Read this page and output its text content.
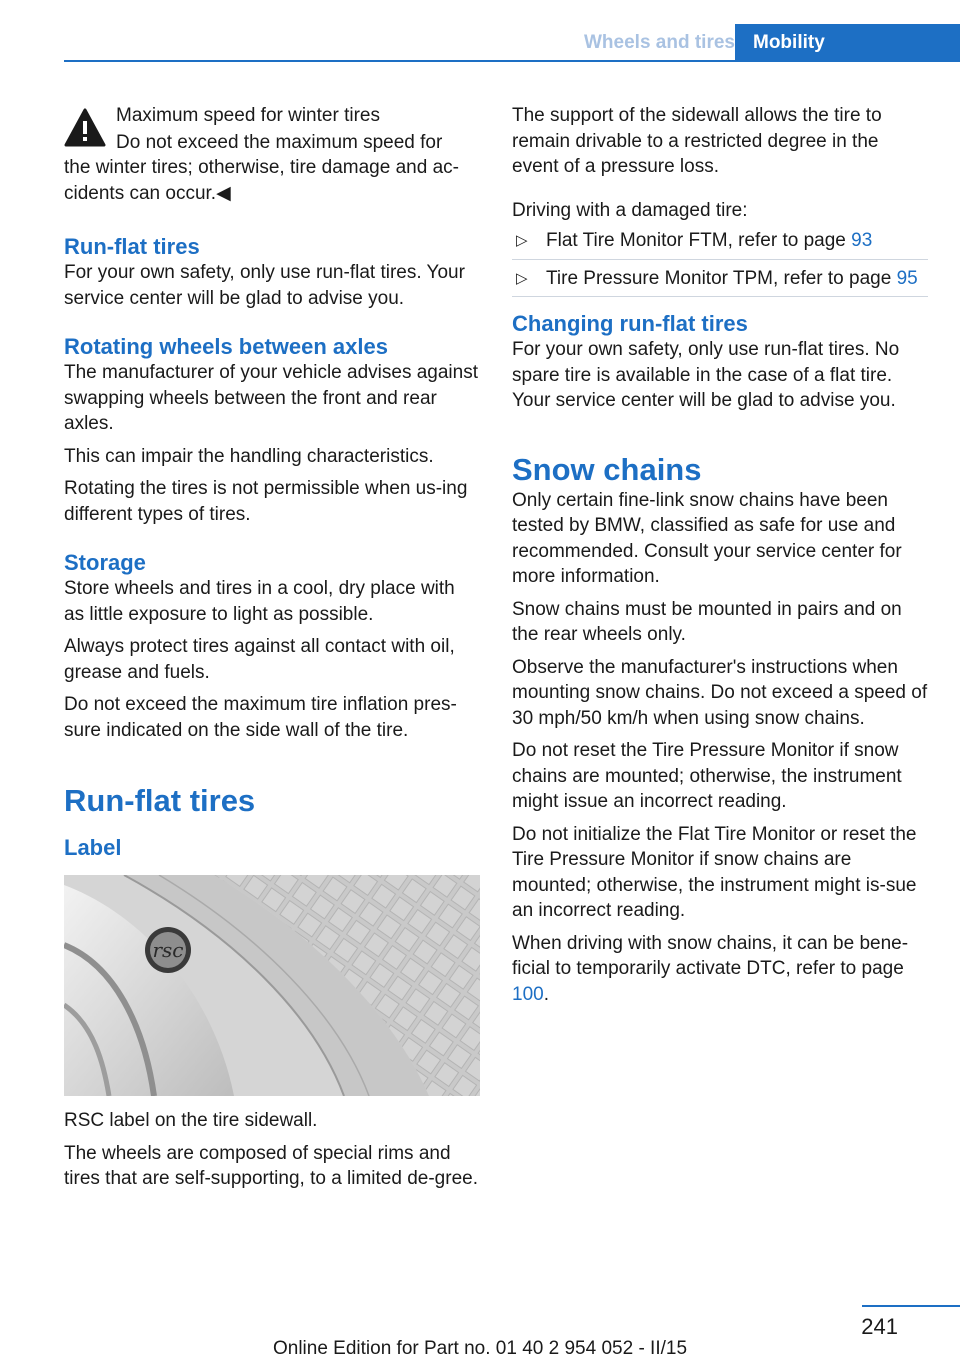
Wheels and tires Mobility

Maximum speed for winter tires

Do not exceed the maximum speed for

the winter tires; otherwise, tire damage and ac-cidents can occur.◀

Run-flat tires

For your own safety, only use run-flat tires. Your service center will be glad to advise you.

Rotating wheels between axles

The manufacturer of your vehicle advises against swapping wheels between the front and rear axles.

This can impair the handling characteristics.

Rotating the tires is not permissible when us-ing different types of tires.

Storage

Store wheels and tires in a cool, dry place with as little exposure to light as possible.

Always protect tires against all contact with oil, grease and fuels.

Do not exceed the maximum tire inflation pres-sure indicated on the side wall of the tire.

Run-flat tires
Label
rsc

RSC label on the tire sidewall.

The wheels are composed of special rims and tires that are self-supporting, to a limited de-gree.

The support of the sidewall allows the tire to remain drivable to a restricted degree in the event of a pressure loss.

Driving with a damaged tire:

▷ Flat Tire Monitor FTM, refer to page 93
▷ Tire Pressure Monitor TPM, refer to page 95
Changing run-flat tires

For your own safety, only use run-flat tires. No spare tire is available in the case of a flat tire. Your service center will be glad to advise you.

Snow chains

Only certain fine-link snow chains have been tested by BMW, classified as safe for use and recommended. Consult your service center for more information.

Snow chains must be mounted in pairs and on the rear wheels only.

Observe the manufacturer's instructions when mounting snow chains. Do not exceed a speed of 30 mph/50 km/h when using snow chains.

Do not reset the Tire Pressure Monitor if snow chains are mounted; otherwise, the instrument might issue an incorrect reading.

Do not initialize the Flat Tire Monitor or reset the Tire Pressure Monitor if snow chains are mounted; otherwise, the instrument might is-sue an incorrect reading.

When driving with snow chains, it can be bene-ficial to temporarily activate DTC, refer to page 100.

241
Online Edition for Part no. 01 40 2 954 052 - II/15
